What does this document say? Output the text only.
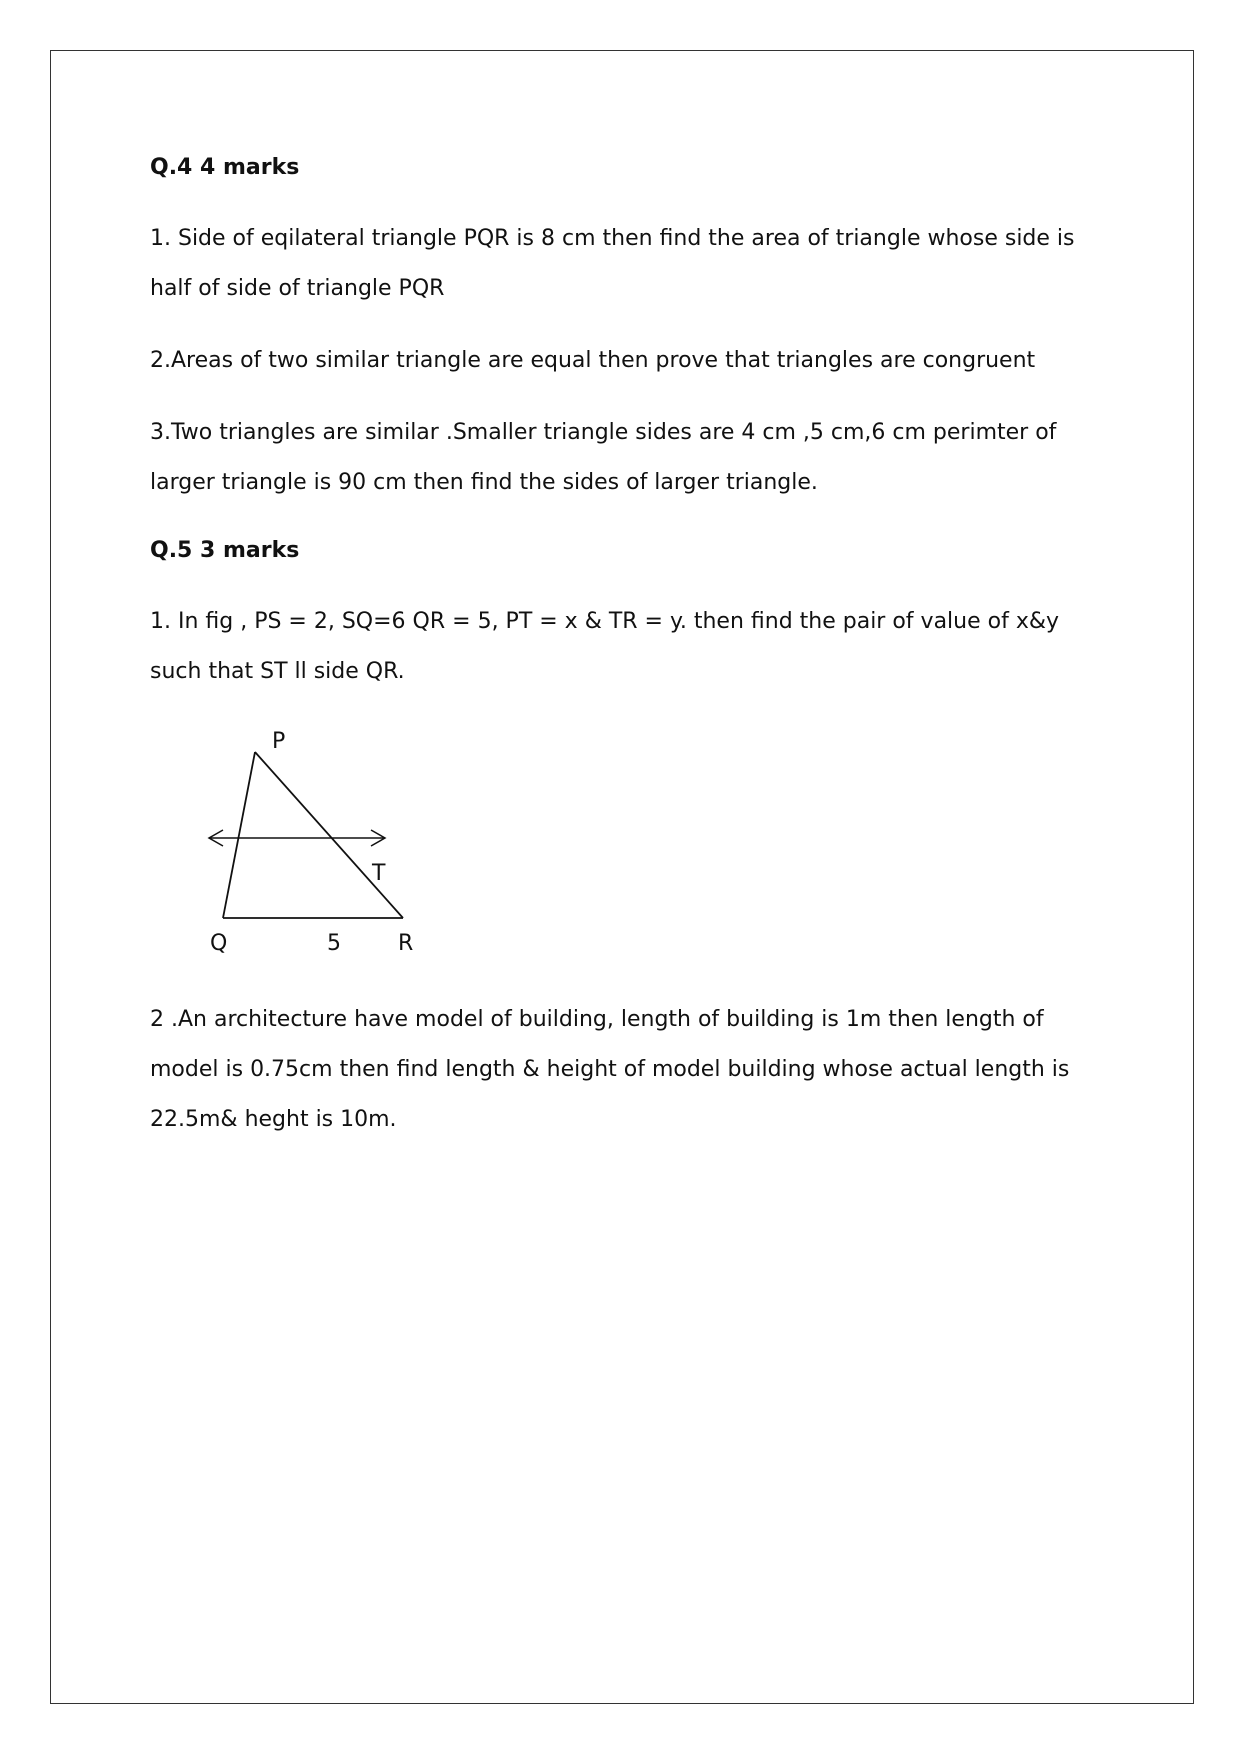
Q.4 4 marks
1. Side of eqilateral triangle PQR is 8 cm then find the area of triangle whose side is
half of side of triangle PQR
2.Areas of two similar triangle are equal then prove that triangles are congruent
3.Two triangles are similar .Smaller triangle sides are 4 cm ,5 cm,6 cm perimter of
larger triangle is 90 cm then find the sides of larger triangle.
Q.5 3 marks
1. In fig , PS = 2, SQ=6 QR = 5, PT = x & TR = y. then find the pair of value of x&y
such that ST ll side QR.
P
T
Q	5	R
2 .An architecture have model of building, length of building is 1m then length of
model is 0.75cm then find length & height of model building whose actual length is
22.5m& heght is 10m.
